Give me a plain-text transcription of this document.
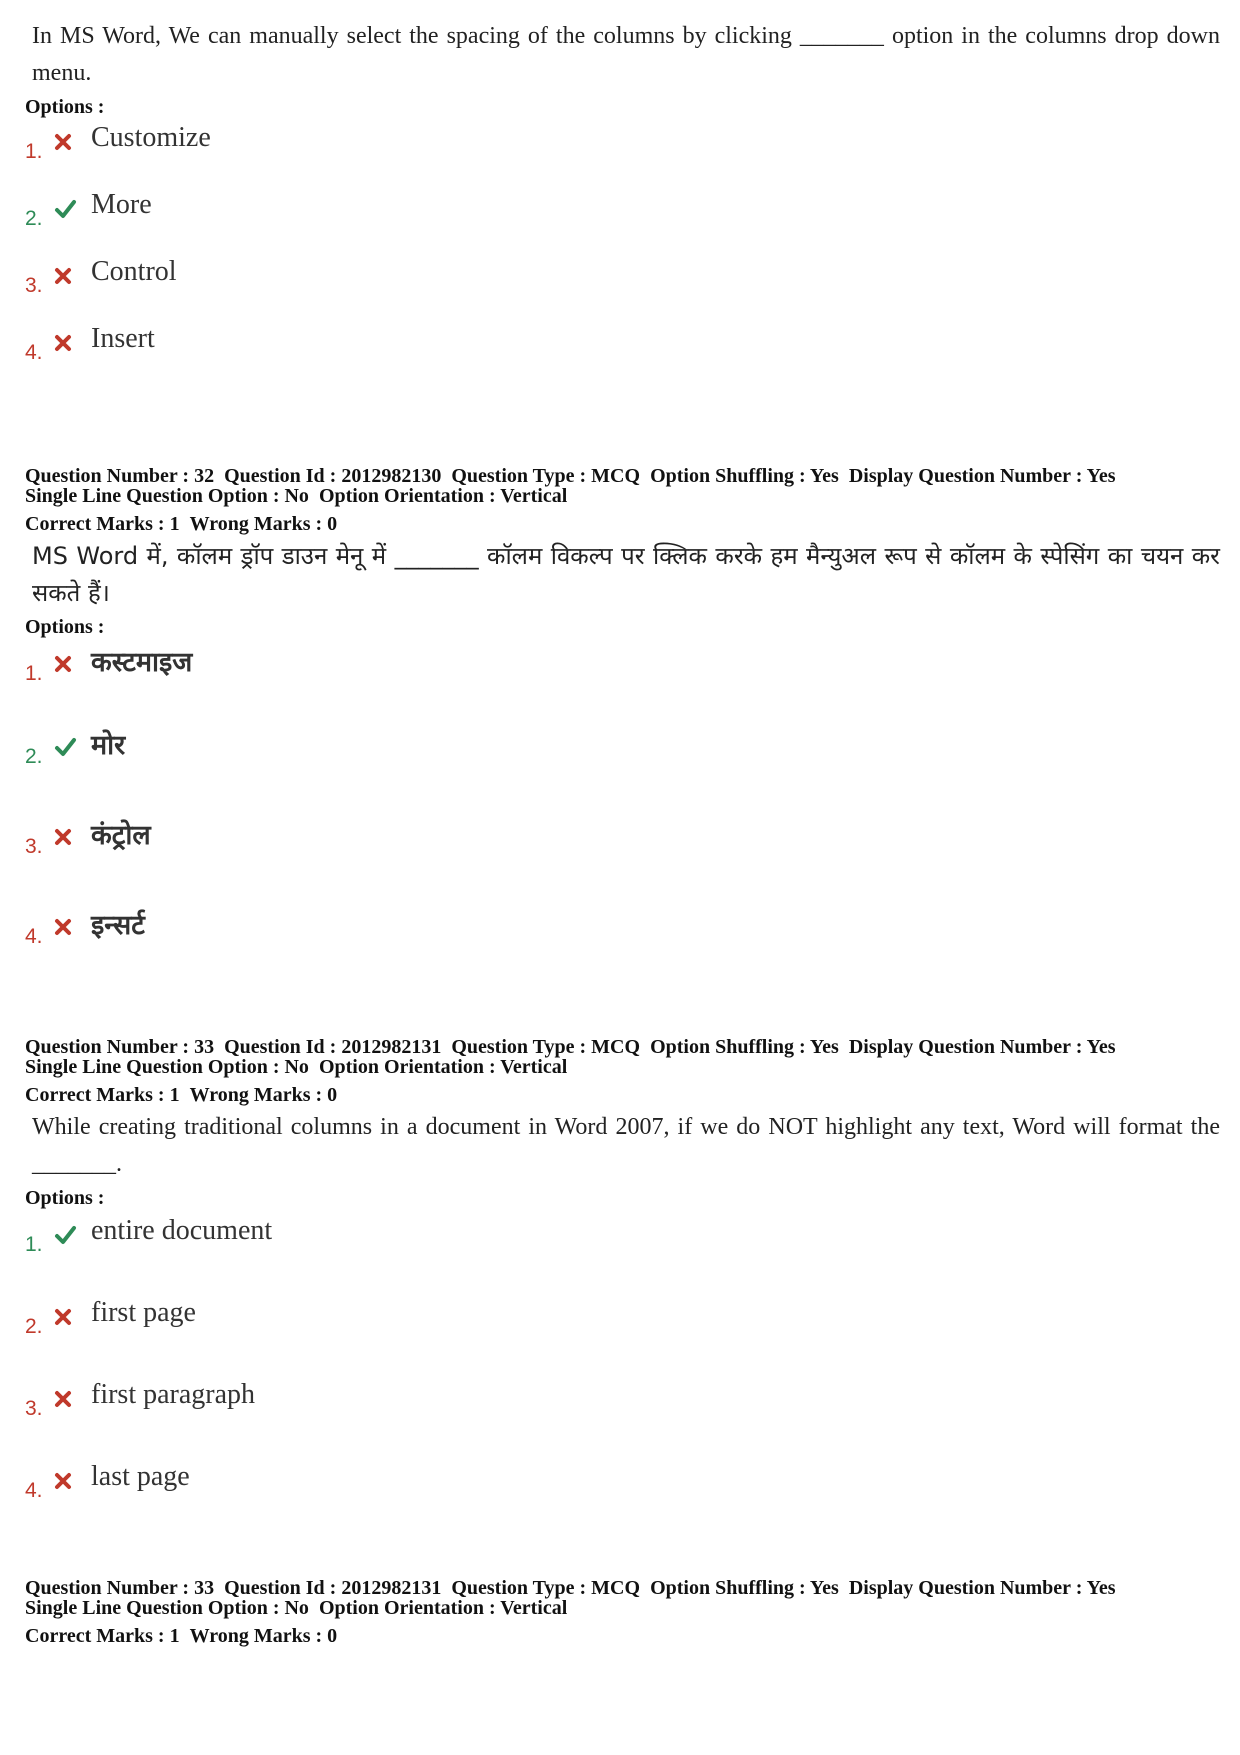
In MS Word, We can manually select the spacing of the columns by clicking _______ option in the columns drop down menu.
Options :
1. Customize
2. More
3. Control
4. Insert
Question Number : 32 Question Id : 2012982130 Question Type : MCQ Option Shuffling : Yes Display Question Number : Yes
Single Line Question Option : No Option Orientation : Vertical
Correct Marks : 1 Wrong Marks : 0
MS Word में, कॉलम ड्रॉप डाउन मेनू में _______ कॉलम विकल्प पर क्लिक करके हम मैन्युअल रूप से कॉलम के स्पेसिंग का चयन कर सकते हैं।
Options :
1. कस्टमाइज
2. मोर
3. कंट्रोल
4. इन्सर्ट
Question Number : 33 Question Id : 2012982131 Question Type : MCQ Option Shuffling : Yes Display Question Number : Yes
Single Line Question Option : No Option Orientation : Vertical
Correct Marks : 1 Wrong Marks : 0
While creating traditional columns in a document in Word 2007, if we do NOT highlight any text, Word will format the _______.
Options :
1. entire document
2. first page
3. first paragraph
4. last page
Question Number : 33 Question Id : 2012982131 Question Type : MCQ Option Shuffling : Yes Display Question Number : Yes
Single Line Question Option : No Option Orientation : Vertical
Correct Marks : 1 Wrong Marks : 0
